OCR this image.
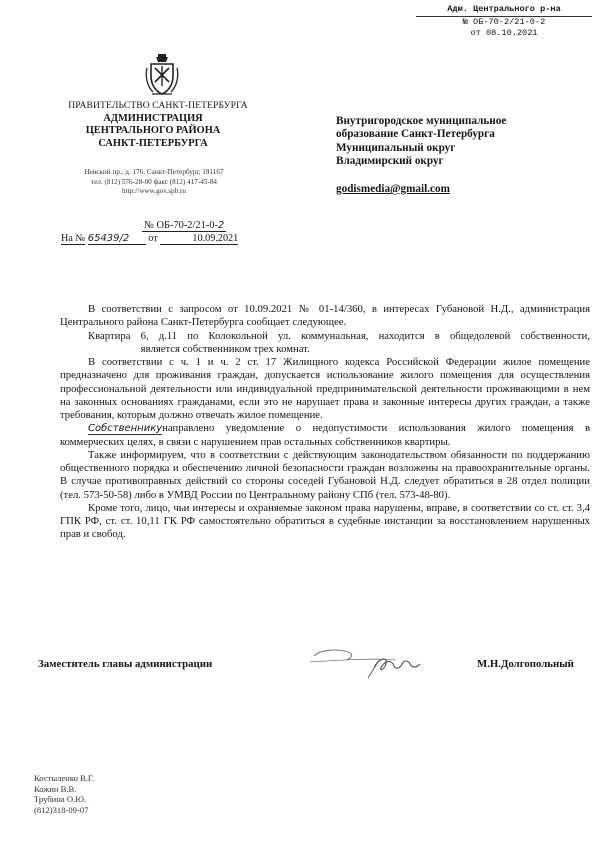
Адм. Центрального р-на
№ ОБ-70-2/21-0-2
от 08.10.2021
ПРАВИТЕЛЬСТВО САНКТ-ПЕТЕРБУРГА
АДМИНИСТРАЦИЯ
ЦЕНТРАЛЬНОГО РАЙОНА
САНКТ-ПЕТЕРБУРГА
Невский пр., д. 176, Санкт-Петербург, 191167
тел. (812) 576-28-00 факс (812) 417-45-84
http://www.gov.spb.ru
№ ОБ-70-2/21-0-2
На № 65439/2 от	10.09.2021
Внутригородское муниципальное
образование Санкт-Петербурга
Муниципальный округ
Владимирский округ
godismedia@gmail.com

В соответствии с запросом от 10.09.2021 № 01-14/360, в интересах Губановой Н.Д., администрация Центрального района Санкт-Петербурга сообщает следующее.

Квартира 6, д.11 по Колокольной ул. коммунальная, находится в общедолевой собственности,  является собственником трех комнат.

В соответствии с ч. 1 и ч. 2 ст. 17 Жилищного кодекса Российской Федерации жилое помещение предназначено для проживания граждан, допускается использование жилого помещения для осуществления профессиональной деятельности или индивидуальной предпринимательской деятельности проживающими в нем на законных основаниях гражданами, если это не нарушает права и законные интересы других граждан, а также требования, которым должно отвечать жилое помещение.

Собственникунаправлено уведомление о недопустимости использования жилого помещения в коммерческих целях, в связи с нарушением прав остальных собственников квартиры.

Также информируем, что в соответствии с действующим законодательством обязанности по поддержанию общественного порядка и обеспечению личной безопасности граждан возложены на правоохранительные органы. В случае противоправных действий со стороны соседей Губановой Н.Д. следует обратиться в 28 отдел полиции (тел. 573-50-58) либо в УМВД России по Центральному району СПб (тел. 573-48-80).

Кроме того, лицо, чьи интересы и охраняемые законом права нарушены, вправе, в соответствии со ст. ст. 3,4 ГПК РФ, ст. ст. 10,11 ГК РФ самостоятельно обратиться в судебные инстанции за восстановлением нарушенных прав и свобод.

Заместитель главы администрации	М.Н.Долгопольный
Костыленко В.Г.
Кожин В.В.
Трубина О.Ю.
(812)318-09-07
